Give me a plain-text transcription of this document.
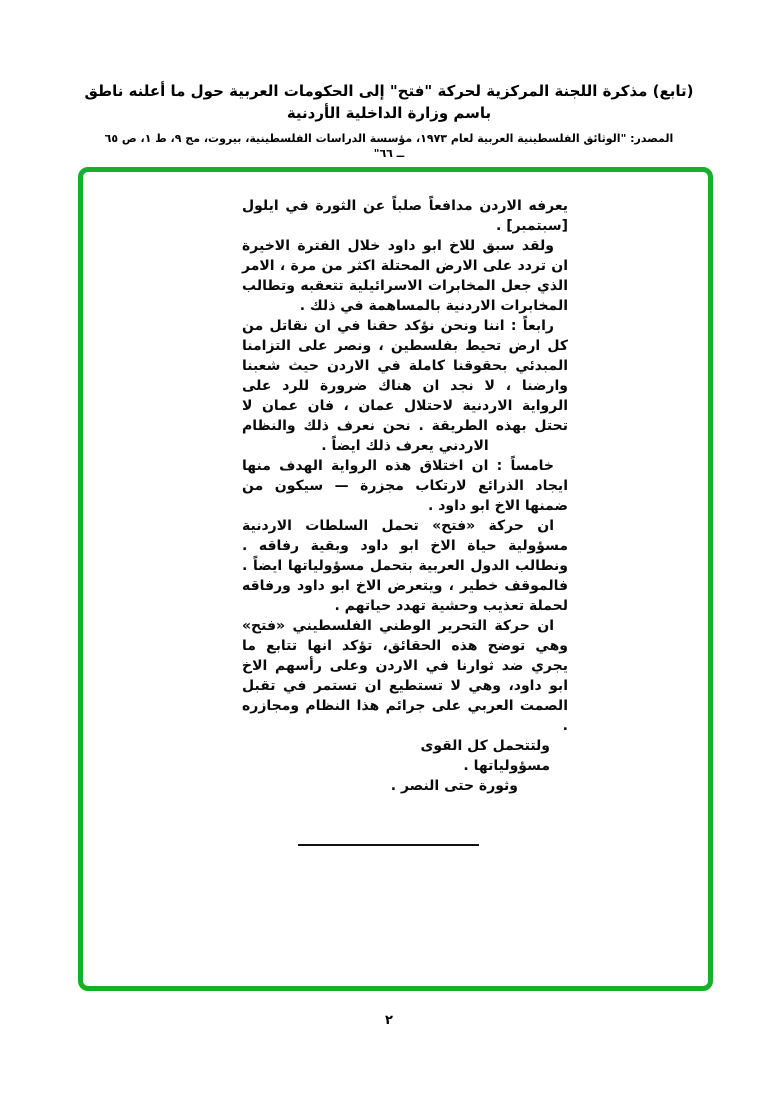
(تابع) مذكرة اللجنة المركزية لحركة "فتح" إلى الحكومات العربية حول ما أعلنه ناطق باسم وزارة الداخلية الأردنية
المصدر: "الوثائق الفلسطينية العربية لعام ١٩٧٣، مؤسسة الدراسات الفلسطينية، بيروت، مج ٩، ط ١، ص ٦٥ ــ ٦٦"

يعرفه الاردن مدافعاً صلباً عن الثورة في ايلول [سبتمبر] .

ولقد سبق للاخ ابو داود خلال الفترة الاخيرة ان تردد على الارض المحتلة اكثر من مرة ، الامر الذي جعل المخابرات الاسرائيلية تتعقبه وتطالب المخابرات الاردنية بالمساهمة في ذلك .

رابعاً : اننا ونحن نؤكد حقنا في ان نقاتل من كل ارض تحيط بفلسطين ، ونصر على التزامنا المبدئي بحقوقنا كاملة في الاردن حيث شعبنا وارضنا ، لا نجد ان هناك ضرورة للرد على الرواية الاردنية لاحتلال عمان ، فان عمان لا تحتل بهذه الطريقة . نحن نعرف ذلك والنظام الاردني يعرف ذلك ايضاً .

خامساً : ان اختلاق هذه الرواية الهدف منها ايجاد الذرائع لارتكاب مجزرة — سيكون من ضمنها الاخ ابو داود .

ان حركة «فتح» تحمل السلطات الاردنية مسؤولية حياة الاخ ابو داود وبقية رفاقه . ونطالب الدول العربية بتحمل مسؤولياتها ايضاً . فالموقف خطير ، ويتعرض الاخ ابو داود ورفاقه لحملة تعذيب وحشية تهدد حياتهم .

ان حركة التحرير الوطني الفلسطيني «فتح» وهي توضح هذه الحقائق، تؤكد انها تتابع ما يجري ضد ثوارنا في الاردن وعلى رأسهم الاخ ابو داود، وهي لا تستطيع ان تستمر في تقبل الصمت العربي على جرائم هذا النظام ومجازره .

ولتتحمل كل القوى مسؤولياتها .

وثورة حتى النصر .

٢
